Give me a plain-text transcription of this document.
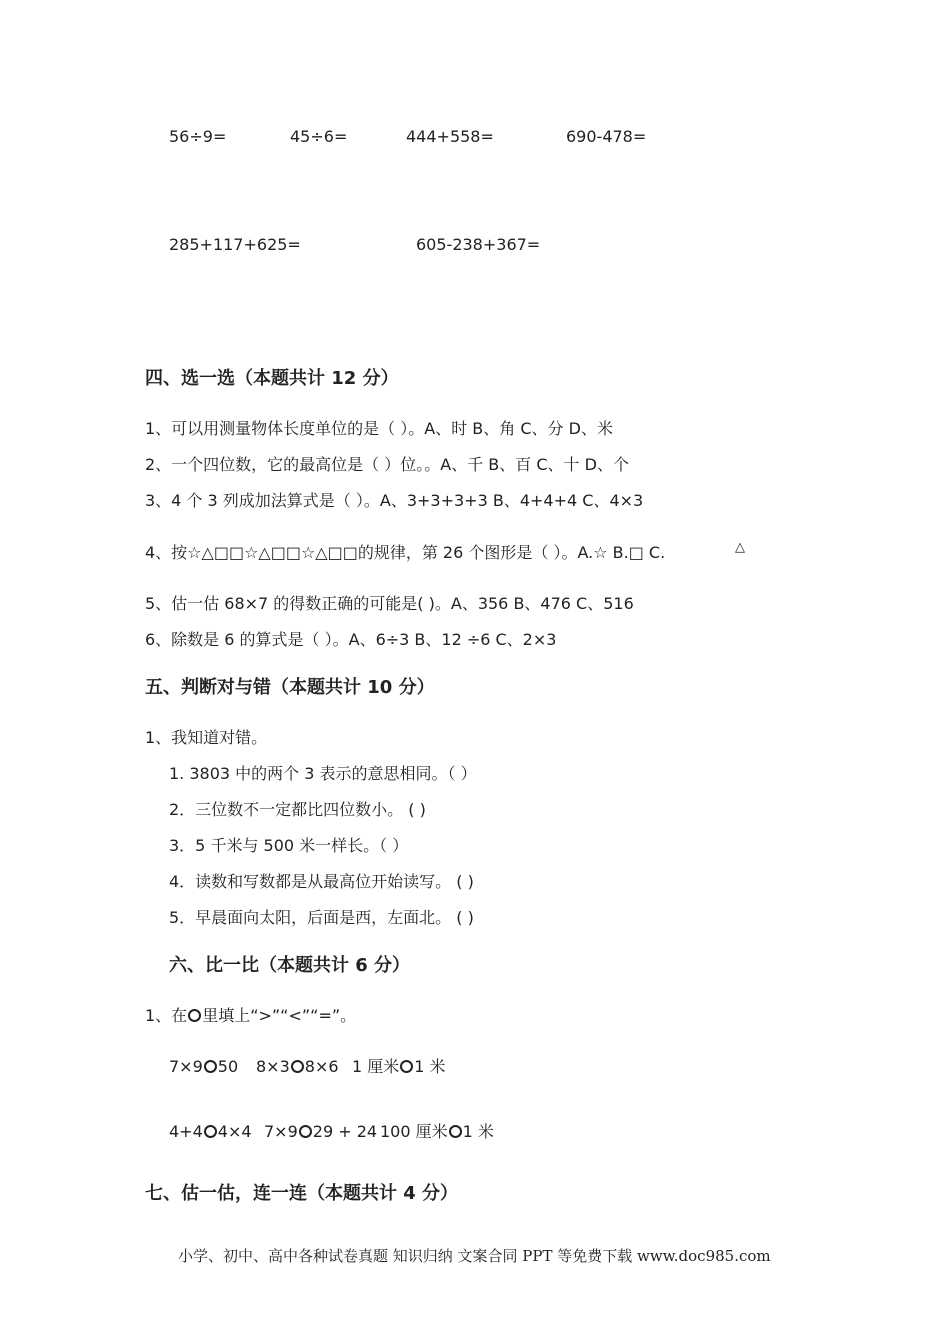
56÷9=	45÷6=	444+558=	690-478=
285+117+625=	605-238+367=
四、选一选（本题共计 12 分）
1、可以用测量物体长度单位的是（ ）。A、时 B、角 C、分 D、米
2、一个四位数，它的最高位是（ ）位。。A、千 B、百 C、十 D、个
3、4 个 3 列成加法算式是（ ）。A、3+3+3+3 B、4+4+4 C、4×3
4、按☆△□□☆△□□☆△□□的规律，第 26 个图形是（ ）。A.☆ B.□ C.	△
5、估一估 68×7 的得数正确的可能是( )。A、356 B、476 C、516
6、除数是 6 的算式是（ ）。A、6÷3 B、12 ÷6 C、2×3
五、判断对与错（本题共计 10 分）
1、我知道对错。
1. 3803 中的两个 3 表示的意思相同。（ ）
2．三位数不一定都比四位数小。 ( )
3．5 千米与 500 米一样长。（ ）
4．读数和写数都是从最高位开始读写。 ( )
5．早晨面向太阳，后面是西，左面北。 ( )
六、比一比（本题共计 6 分）
1、在 里填上“>”“<”“=”。
7×9 50 8×3 8×6 1 厘米 1 米
4+4 4×4 7×9 29 + 24 100 厘米 1 米
七、估一估，连一连（本题共计 4 分）
小学、初中、高中各种试卷真题 知识归纳 文案合同 PPT 等免费下载 www.doc985.com
